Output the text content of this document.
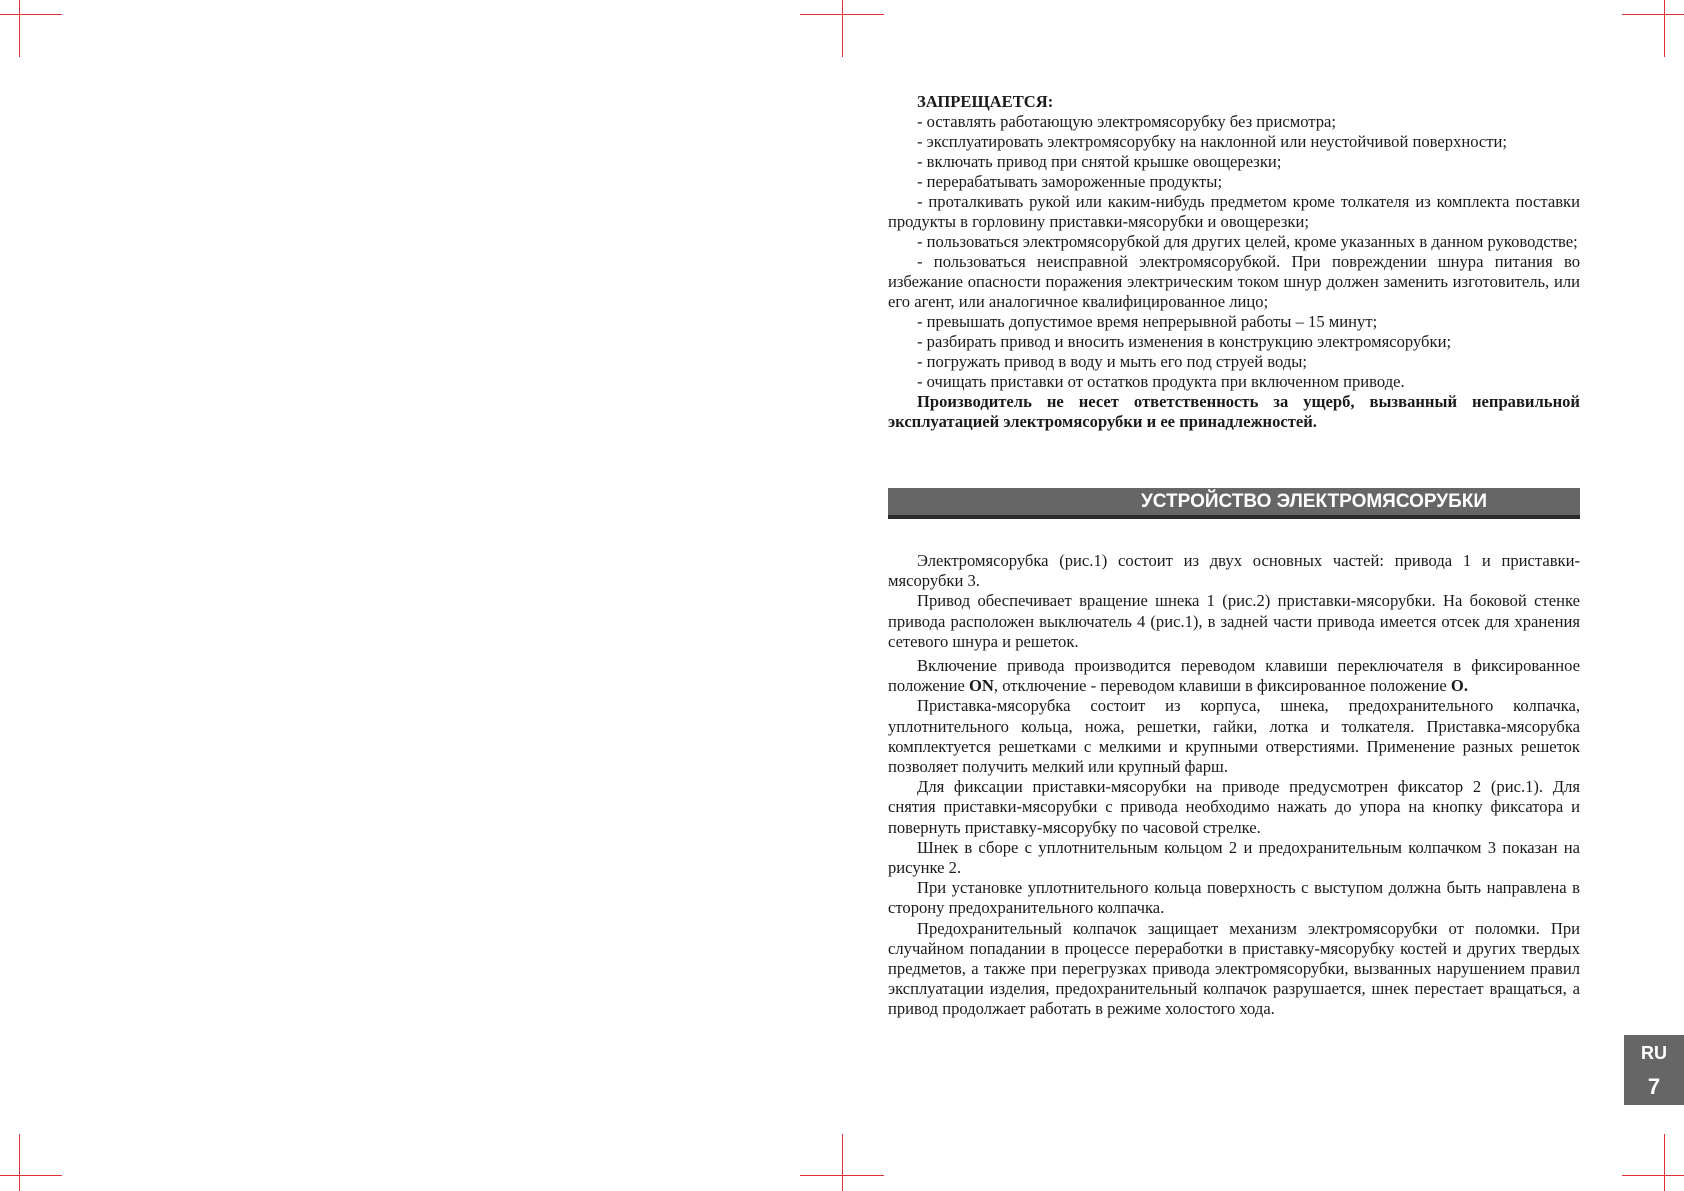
ЗАПРЕЩАЕТСЯ:

- оставлять работающую электромясорубку без присмотра;

- эксплуатировать электромясорубку на наклонной или неустойчивой поверхности;

- включать привод при снятой крышке овощерезки;

- перерабатывать замороженные продукты;

- проталкивать рукой или каким-нибудь предметом кроме толкателя из комплекта поставки продукты в горловину приставки-мясорубки и овощерезки;

- пользоваться электромясорубкой для других целей, кроме указанных в данном руководстве;

- пользоваться неисправной электромясорубкой. При повреждении шнура питания во избежание опасности поражения электрическим током шнур должен заменить изготовитель, или его агент, или аналогичное квалифицированное лицо;

- превышать допустимое время непрерывной работы – 15 минут;

- разбирать привод и вносить изменения в конструкцию электромясорубки;

- погружать привод в воду и мыть его под струей воды;

- очищать приставки от остатков продукта при включенном приводе.

Производитель не несет ответственность за ущерб, вызванный неправильной эксплуатацией электромясорубки и ее принадлежностей.

УСТРОЙСТВО ЭЛЕКТРОМЯСОРУБКИ

Электромясорубка (рис.1) состоит из двух основных частей: привода 1 и приставки-мясорубки 3.

Привод обеспечивает вращение шнека 1 (рис.2) приставки-мясорубки. На боковой стенке привода расположен выключатель 4 (рис.1), в задней части привода имеется отсек для хранения сетевого шнура и решеток.

Включение привода производится переводом клавиши переключателя в фиксированное положение ON, отключение - переводом клавиши в фиксированное положение O.

Приставка-мясорубка состоит из корпуса, шнека, предохранительного колпачка, уплотнительного кольца, ножа, решетки, гайки, лотка и толкателя. Приставка-мясорубка комплектуется решетками с мелкими и крупными отверстиями. Применение разных решеток позволяет получить мелкий или крупный фарш.

Для фиксации приставки-мясорубки на приводе предусмотрен фиксатор 2 (рис.1). Для снятия приставки-мясорубки с привода необходимо нажать до упора на кнопку фиксатора и повернуть приставку-мясорубку по часовой стрелке.

Шнек в сборе с уплотнительным кольцом 2 и предохранительным колпачком 3 показан на рисунке 2.

При установке уплотнительного кольца поверхность с выступом должна быть направлена в сторону предохранительного колпачка.

Предохранительный колпачок защищает механизм электромясорубки от поломки. При случайном попадании в процессе переработки в приставку-мясорубку костей и других твердых предметов, а также при перегрузках привода электромясорубки, вызванных нарушением правил эксплуатации изделия, предохранительный колпачок разрушается, шнек перестает вращаться, а привод продолжает работать в режиме холостого хода.

RU
7
